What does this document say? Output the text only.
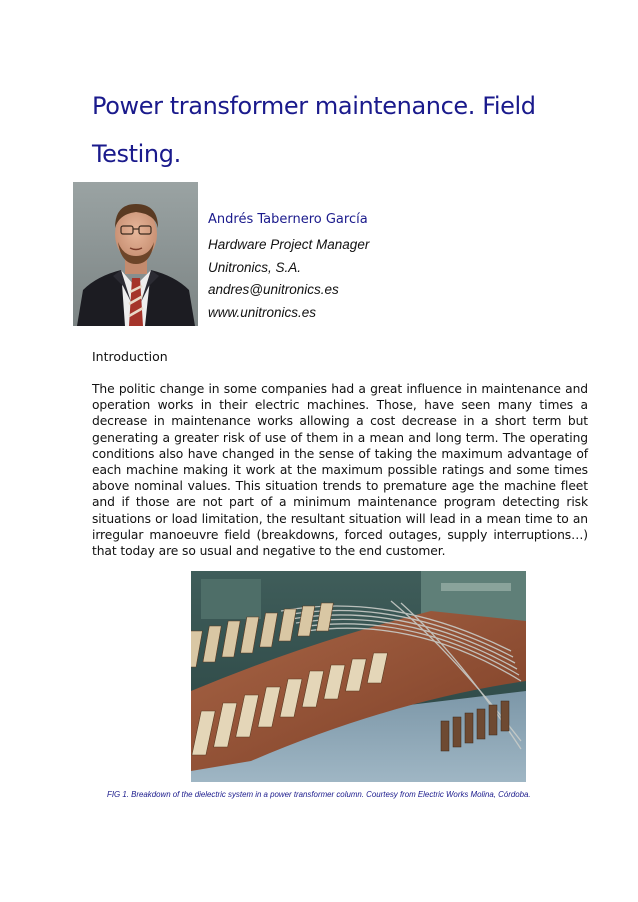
Power transformer maintenance. Field Testing.
Andrés Tabernero García
Hardware Project Manager
Unitronics, S.A.
andres@unitronics.es
www.unitronics.es
Introduction

The politic change in some companies had a great influence in maintenance and operation works in their electric machines. Those, have seen many times a decrease in maintenance works allowing a cost decrease in a short term but generating a greater risk of use of them in a mean and long term. The operating conditions also have changed in the sense of taking the maximum advantage of each machine making it work at the maximum possible ratings and some times above nominal values. This situation trends to premature age the machine fleet and if those are not part of a minimum maintenance program detecting risk situations or load limitation, the resultant situation will lead in a mean time to an irregular manoeuvre field (breakdowns, forced outages, supply interruptions…) that today are so usual and negative to the end customer.

FIG 1. Breakdown of the dielectric system in a power transformer column. Courtesy from Electric Works Molina, Córdoba.
